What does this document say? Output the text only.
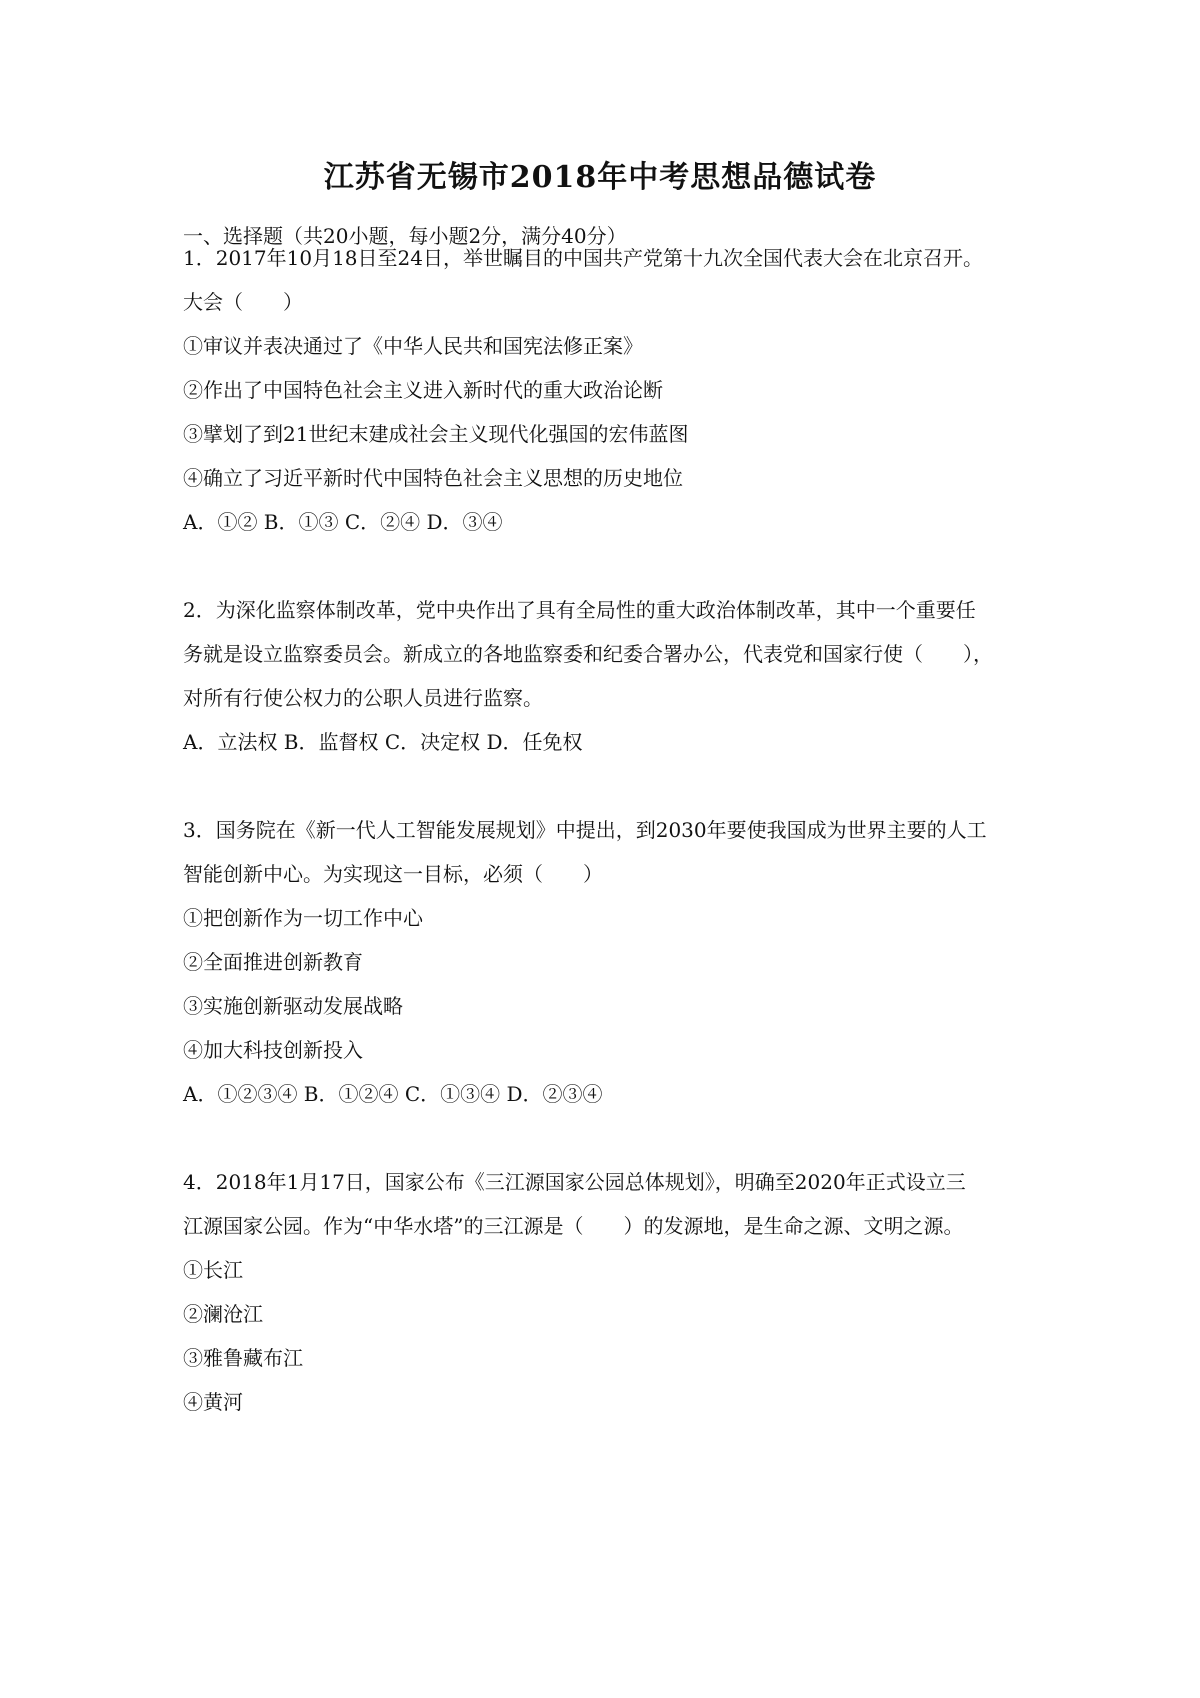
江苏省无锡市2018年中考思想品德试卷

一、选择题（共20小题，每小题2分，满分40分）

1．2017年10月18日至24日，举世瞩目的中国共产党第十九次全国代表大会在北京召开。

大会（　　）

①审议并表决通过了《中华人民共和国宪法修正案》

②作出了中国特色社会主义进入新时代的重大政治论断

③擘划了到21世纪末建成社会主义现代化强国的宏伟蓝图

④确立了习近平新时代中国特色社会主义思想的历史地位

A．①② B．①③ C．②④ D．③④

2．为深化监察体制改革，党中央作出了具有全局性的重大政治体制改革，其中一个重要任

务就是设立监察委员会。新成立的各地监察委和纪委合署办公，代表党和国家行使（　　），

对所有行使公权力的公职人员进行监察。

A．立法权 B．监督权 C．决定权 D．任免权

3．国务院在《新一代人工智能发展规划》中提出，到2030年要使我国成为世界主要的人工

智能创新中心。为实现这一目标，必须（　　）

①把创新作为一切工作中心

②全面推进创新教育

③实施创新驱动发展战略

④加大科技创新投入

A．①②③④ B．①②④ C．①③④ D．②③④

4．2018年1月17日，国家公布《三江源国家公园总体规划》，明确至2020年正式设立三

江源国家公园。作为“中华水塔”的三江源是（　　）的发源地，是生命之源、文明之源。

①长江

②澜沧江

③雅鲁藏布江

④黄河
